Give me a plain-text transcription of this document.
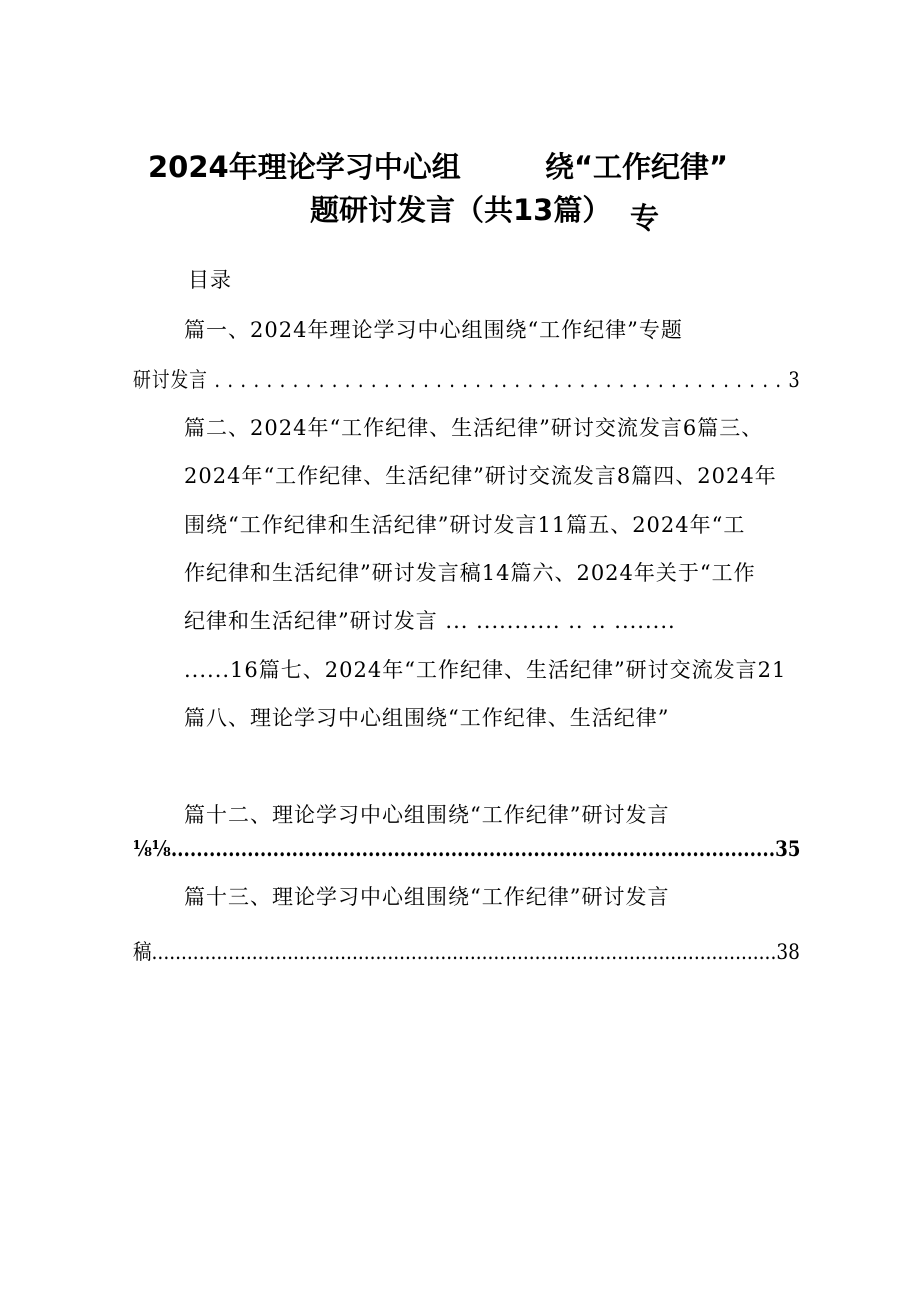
2024年理论学习中心组	绕“工作纪律”
题研讨发言（共13篇） 专
目录
篇一、2024年理论学习中心组围绕“工作纪律”专题
研讨发言 . . . . . . . . . . . . . . . . . . . . . . . . . . . . . . . . . . . . . . . . . . . . 3
篇二、2024年“工作纪律、生活纪律”研讨交流发言6篇三、
2024年“工作纪律、生活纪律”研讨交流发言8篇四、2024年
围绕“工作纪律和生活纪律”研讨发言11篇五、2024年“工
作纪律和生活纪律”研讨发言稿14篇六、2024年关于“工作
纪律和生活纪律”研讨发言 ... ........... .. .. ........
......16篇七、2024年“工作纪律、生活纪律”研讨交流发言21
篇八、理论学习中心组围绕“工作纪律、生活纪律”
篇十二、理论学习中心组围绕“工作纪律”研讨发言
⅛⅛...............................................................................................35
篇十三、理论学习中心组围绕“工作纪律”研讨发言
稿..........................................................................................................38
